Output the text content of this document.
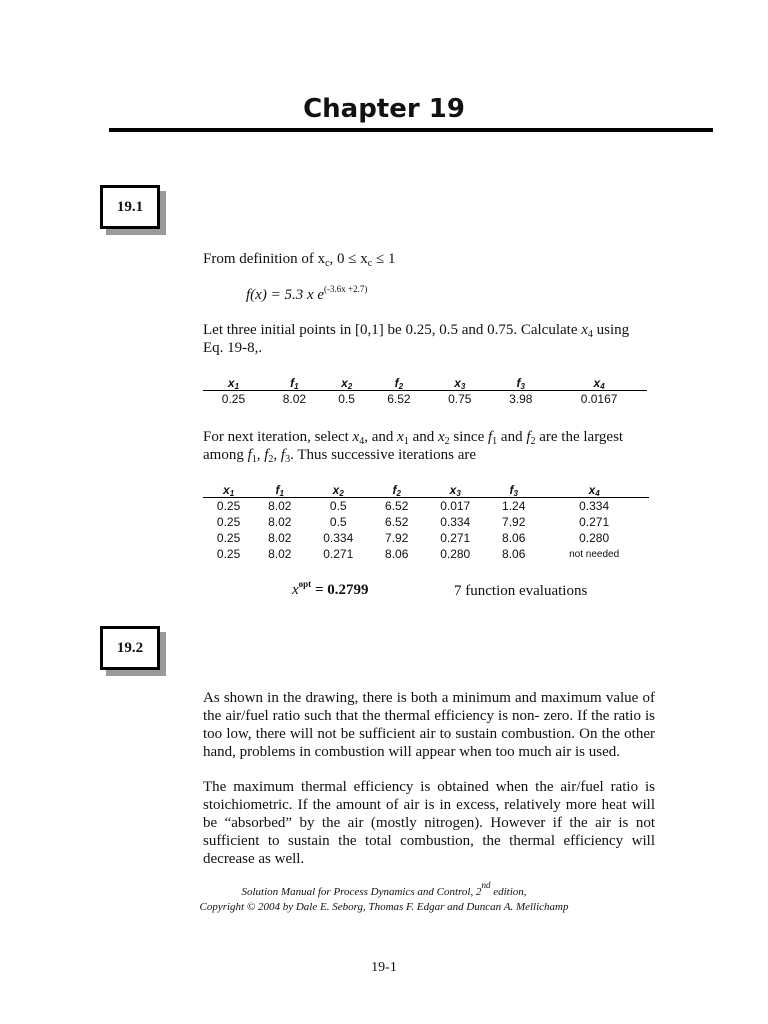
Chapter 19
19.1
From definition of $x_c$, $0 \le x_c \le 1$
f(x) = 5.3 x $e^{(-3.6x +2.7)}$
Let three initial points in [0,1] be 0.25, 0.5 and 0.75. Calculate $x_4$ using
Eq. 19-8,.
$x_1$	$f_1$	$x_2$	$f_2$	$x_3$	$f_3$	$x_4$
0.25	8.02	0.5	6.52	0.75	3.98	0.0167
For next iteration, select $x_4$, and $x_1$ and $x_2$ since $f_1$ and $f_2$ are the largest
among $f_1$, $f_2$, $f_3$. Thus successive iterations are
$x_1$	$f_1$	$x_2$	$f_2$	$x_3$	$f_3$	$x_4$
0.25	8.02	0.5	6.52	0.017	1.24	0.334
0.25	8.02	0.5	6.52	0.334	7.92	0.271
0.25	8.02	0.334	7.92	0.271	8.06	0.280
0.25	8.02	0.271	8.06	0.280	8.06	not needed
$x^{opt} = 0.2799$	7 function evaluations
19.2
As shown in the drawing, there is both a minimum and maximum value of the air/fuel ratio such that the thermal efficiency is non- zero. If the ratio is too low, there will not be sufficient air to sustain combustion. On the other hand, problems in combustion will appear when too much air is used.
The maximum thermal efficiency is obtained when the air/fuel ratio is stoichiometric. If the amount of air is in excess, relatively more heat will be “absorbed” by the air (mostly nitrogen). However if the air is not sufficient to sustain the total combustion, the thermal efficiency will decrease as well.
Solution Manual for Process Dynamics and Control, 2nd edition,
Copyright © 2004 by Dale E. Seborg, Thomas F. Edgar and Duncan A. Mellichamp
19-1
